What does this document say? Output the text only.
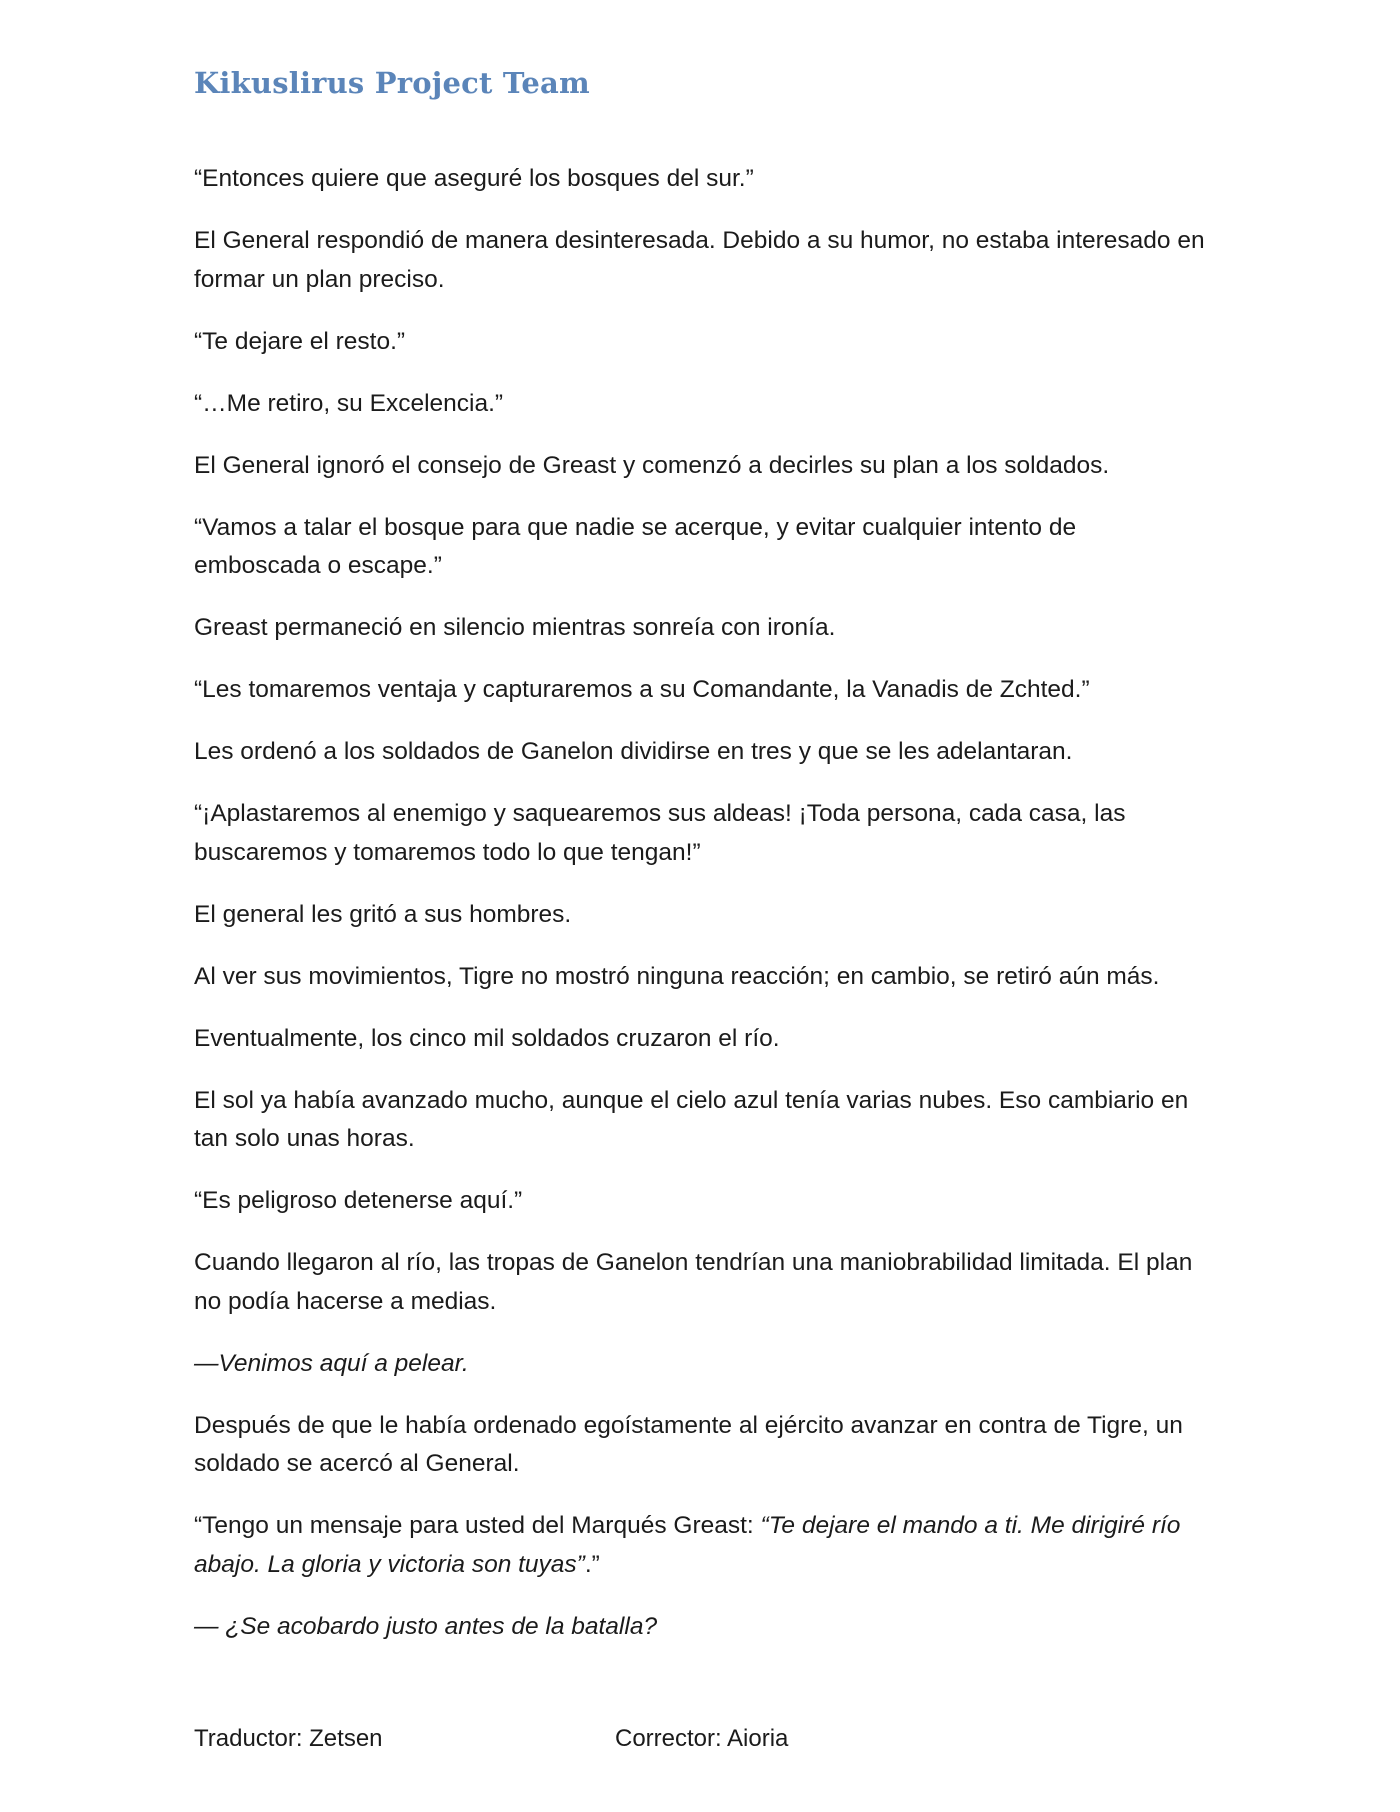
Kikuslirus Project Team

“Entonces quiere que aseguré los bosques del sur.”

El General respondió de manera desinteresada. Debido a su humor, no estaba interesado en formar un plan preciso.

“Te dejare el resto.”

“…Me retiro, su Excelencia.”

El General ignoró el consejo de Greast y comenzó a decirles su plan a los soldados.

“Vamos a talar el bosque para que nadie se acerque, y evitar cualquier intento de emboscada o escape.”

Greast permaneció en silencio mientras sonreía con ironía.

“Les tomaremos ventaja y capturaremos a su Comandante, la Vanadis de Zchted.”

Les ordenó a los soldados de Ganelon dividirse en tres y que se les adelantaran.

“¡Aplastaremos al enemigo y saquearemos sus aldeas! ¡Toda persona, cada casa, las buscaremos y tomaremos todo lo que tengan!”

El general les gritó a sus hombres.

Al ver sus movimientos, Tigre no mostró ninguna reacción; en cambio, se retiró aún más.

Eventualmente, los cinco mil soldados cruzaron el río.

El sol ya había avanzado mucho, aunque el cielo azul tenía varias nubes. Eso cambiario en tan solo unas horas.

“Es peligroso detenerse aquí.”

Cuando llegaron al río, las tropas de Ganelon tendrían una maniobrabilidad limitada. El plan no podía hacerse a medias.

—Venimos aquí a pelear.

Después de que le había ordenado egoístamente al ejército avanzar en contra de Tigre, un soldado se acercó al General.

“Tengo un mensaje para usted del Marqués Greast: “Te dejare el mando a ti. Me dirigiré río abajo. La gloria y victoria son tuyas”.”

— ¿Se acobardo justo antes de la batalla?

Traductor: Zetsen	Corrector: Aioria
